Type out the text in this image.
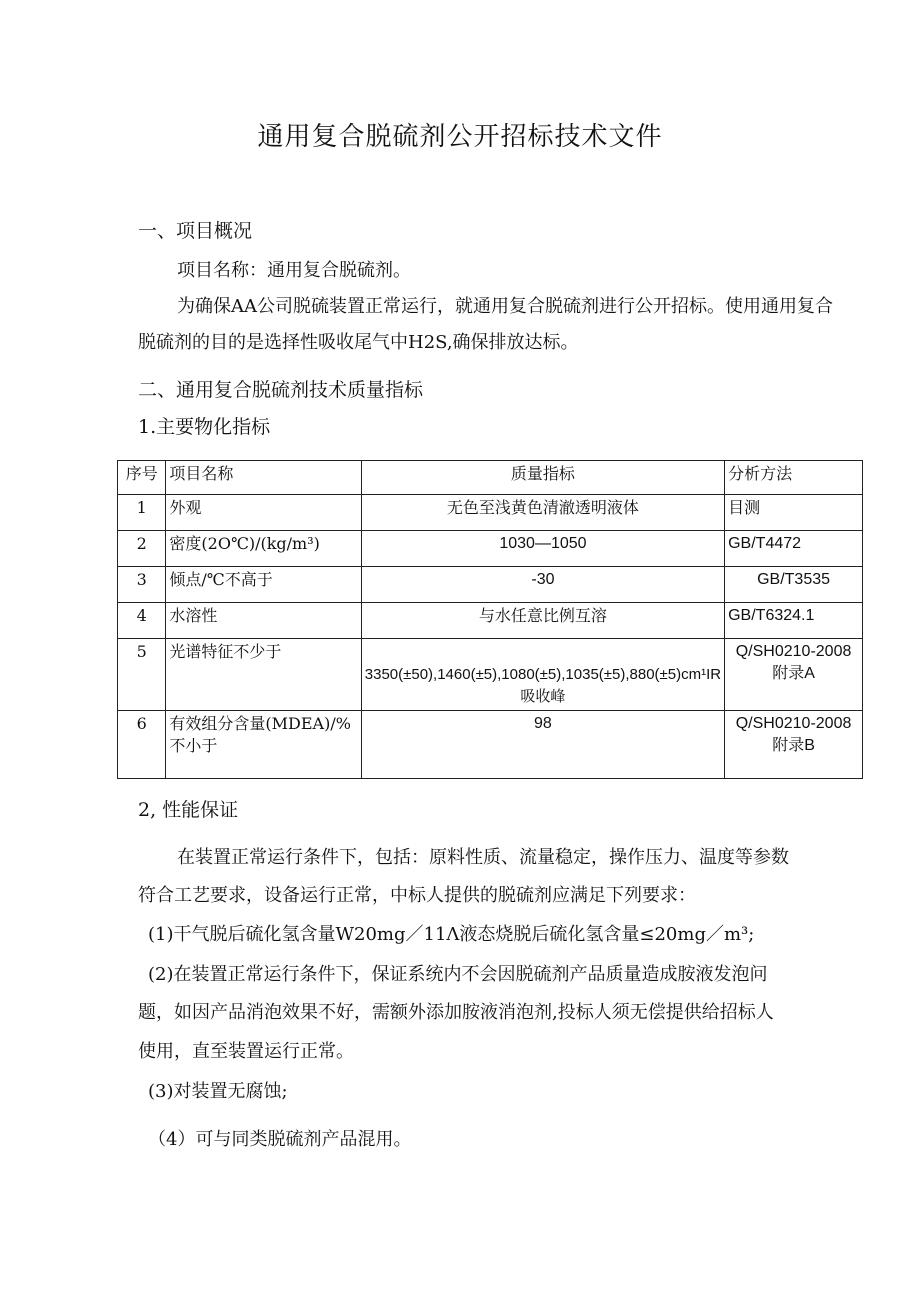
通用复合脱硫剂公开招标技术文件
一、项目概况
项目名称：通用复合脱硫剂。
为确保AA公司脱硫装置正常运行，就通用复合脱硫剂进行公开招标。使用通用复合
脱硫剂的目的是选择性吸收尾气中H2S,确保排放达标。
二、通用复合脱硫剂技术质量指标
1.主要物化指标
序号	项目名称	质量指标	分析方法
1	外观	无色至浅黄色清澈透明液体	目测
2	密度(2O℃)/(kg/m³)	1030—1050	GB/T4472
3	倾点/℃不高于	-30	GB/T3535
4	水溶性	与水任意比例互溶	GB/T6324.1
5	光谱特征不少于	3350(±50),1460(±5),1080(±5),1035(±5),880(±5)cm¹IR吸收峰	Q/SH0210-2008
附录A

6	有效组分含量(MDEA)/%不小于	98	Q/SH0210-2008
附录B
2, 性能保证
在装置正常运行条件下，包括：原料性质、流量稳定，操作压力、温度等参数
符合工艺要求，设备运行正常，中标人提供的脱硫剂应满足下列要求：
(1)干气脱后硫化氢含量W20mg／11Λ液态烧脱后硫化氢含量≤20mg／m³;
(2)在装置正常运行条件下，保证系统内不会因脱硫剂产品质量造成胺液发泡问
题，如因产品消泡效果不好，需额外添加胺液消泡剂,投标人须无偿提供给招标人
使用，直至装置运行正常。
(3)对装置无腐蚀;
（4）可与同类脱硫剂产品混用。
